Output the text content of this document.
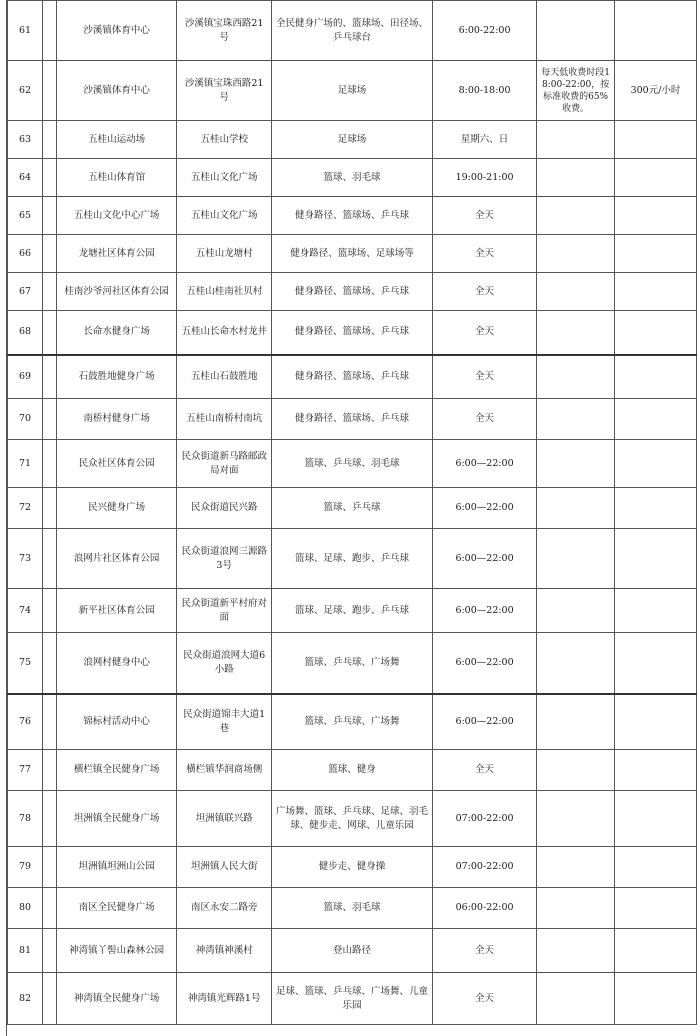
61		沙溪镇体育中心	沙溪镇宝珠西路21号	全民健身广场的、篮球场、田径场、乒乓球台	6:00-22:00		
62		沙溪镇体育中心	沙溪镇宝珠西路21号	足球场	8:00-18:00	每天低收费时段18:00-22:00，按标准收费的65%收费。	300元/小时
63		五桂山运动场	五桂山学校	足球场	星期六、日		
64		五桂山体育馆	五桂山文化广场	篮球、羽毛球	19:00-21:00		
65		五桂山文化中心广场	五桂山文化广场	健身路径、篮球场、乒乓球	全天		
66		龙塘社区体育公园	五桂山龙塘村	健身路径、篮球场、足球场等	全天		
67		桂南沙爷河社区体育公园	五桂山桂南社贝村	健身路径、篮球场、乒乓球	全天		
68		长命水健身广场	五桂山长命水村龙井	健身路径、篮球场、乒乓球	全天		
69		石鼓胜地健身广场	五桂山石鼓胜地	健身路径、篮球场、乒乓球	全天		
70		南桥村健身广场	五桂山南桥村南坑	健身路径、篮球场、乒乓球	全天		
71		民众社区体育公园	民众街道新马路邮政局对面	篮球、乒乓球、羽毛球	6:00—22:00		
72		民兴健身广场	民众街道民兴路	篮球、乒乓球	6:00—22:00		
73		浪网片社区体育公园	民众街道浪网三源路3号	篮球、足球、跑步、乒乓球	6:00—22:00		
74		新平社区体育公园	民众街道新平村府对面	篮球、足球、跑步、乒乓球	6:00—22:00		
75		浪网村健身中心	民众街道浪网大道6小路	篮球、乒乓球、广场舞	6:00—22:00		
76		锦标村活动中心	民众街道锦丰大道1巷	篮球、乒乓球、广场舞	6:00—22:00		
77		横栏镇全民健身广场	横栏镇华润商场侧	篮球、健身	全天		
78		坦洲镇全民健身广场	坦洲镇联兴路	广场舞、篮球、乒乓球、足球、羽毛球、健步走、网球、儿童乐园	07:00-22:00		
79		坦洲镇坦洲山公园	坦洲镇人民大街	健步走、健身操	07:00-22:00		
80		南区全民健身广场	南区永安二路旁	篮球、羽毛球	06:00-22:00		
81		神湾镇丫髻山森林公园	神湾镇神溪村	登山路径	全天		
82		神湾镇全民健身广场	神湾镇光辉路1号	足球、篮球、乒乓球、广场舞、儿童乐园	全天		
